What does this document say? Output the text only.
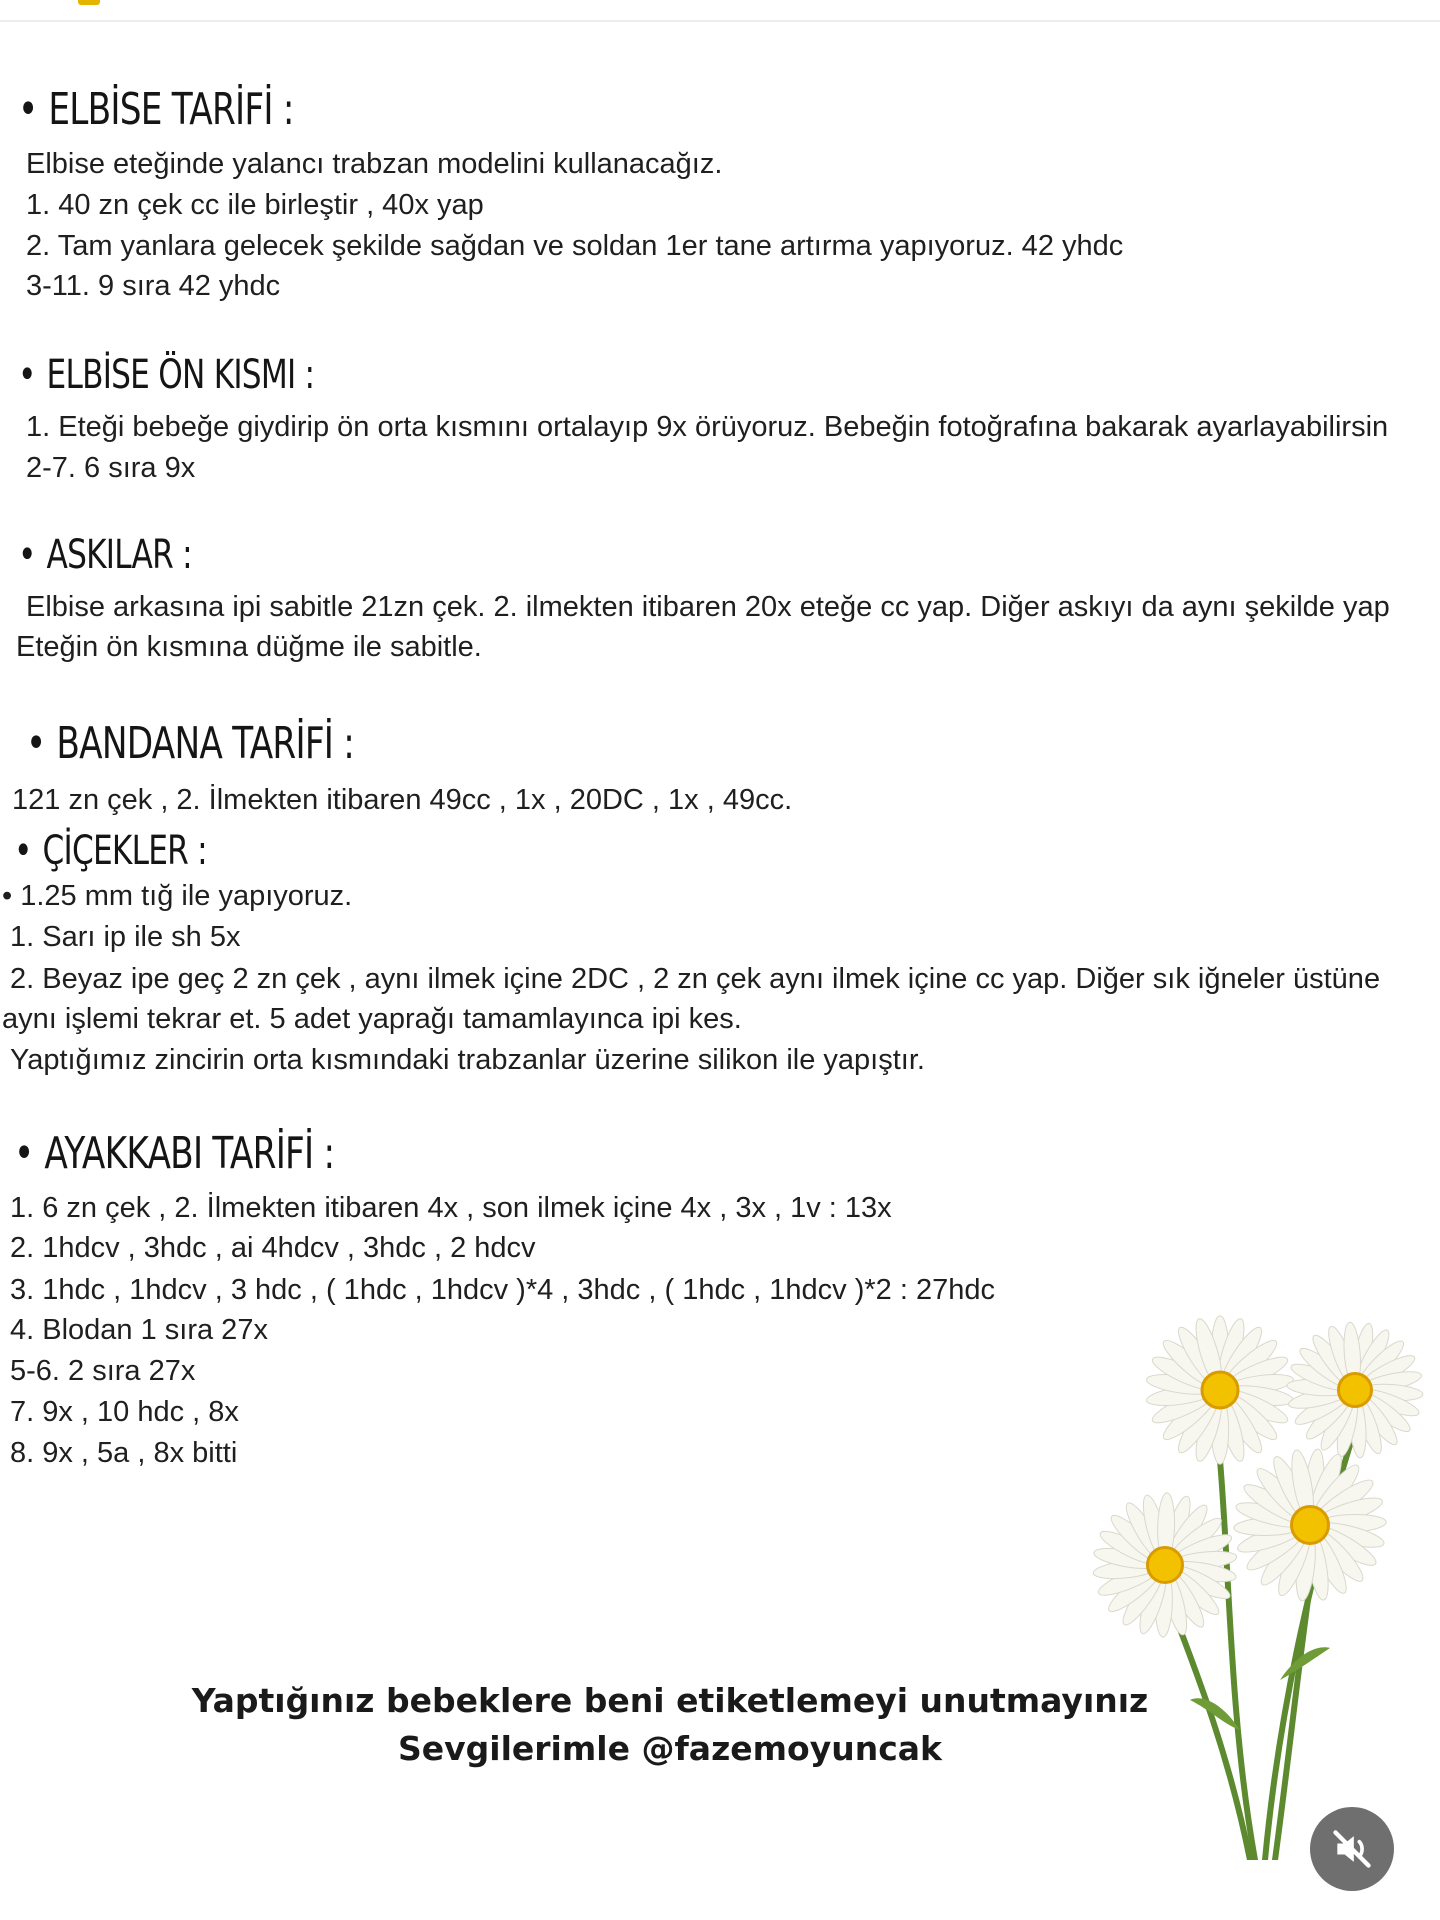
• ELBİSE TARİFİ :

Elbise eteğinde yalancı trabzan modelini kullanacağız.

1. 40 zn çek cc ile birleştir , 40x yap

2. Tam yanlara gelecek şekilde sağdan ve soldan 1er tane artırma yapıyoruz. 42 yhdc

3-11. 9 sıra 42 yhdc

• ELBİSE ÖN KISMI :

1. Eteği bebeğe giydirip ön orta kısmını ortalayıp 9x örüyoruz. Bebeğin fotoğrafına bakarak ayarlayabilirsin

2-7. 6 sıra 9x

• ASKILAR :

Elbise arkasına ipi sabitle 21zn çek. 2. ilmekten itibaren 20x eteğe cc yap. Diğer askıyı da aynı şekilde yap

Eteğin ön kısmına düğme ile sabitle.

• BANDANA TARİFİ :

121 zn çek , 2. İlmekten itibaren 49cc , 1x , 20DC , 1x , 49cc.

• ÇİÇEKLER :

• 1.25 mm tığ ile yapıyoruz.

1. Sarı ip ile sh 5x

2. Beyaz ipe geç 2 zn çek , aynı ilmek içine 2DC , 2 zn çek aynı ilmek içine cc yap. Diğer sık iğneler üstüne

aynı işlemi tekrar et. 5 adet yaprağı tamamlayınca ipi kes.

Yaptığımız zincirin orta kısmındaki trabzanlar üzerine silikon ile yapıştır.

• AYAKKABI TARİFİ :

1. 6 zn çek , 2. İlmekten itibaren 4x , son ilmek içine 4x , 3x , 1v : 13x

2. 1hdcv , 3hdc , ai 4hdcv , 3hdc , 2 hdcv

3. 1hdc , 1hdcv , 3 hdc , ( 1hdc , 1hdcv )*4 , 3hdc , ( 1hdc , 1hdcv )*2 : 27hdc

4. Blodan 1 sıra 27x

5-6. 2 sıra 27x

7. 9x , 10 hdc , 8x

8. 9x , 5a , 8x bitti

Yaptığınız bebeklere beni etiketlemeyi unutmayınız
Sevgilerimle @fazemoyuncak
